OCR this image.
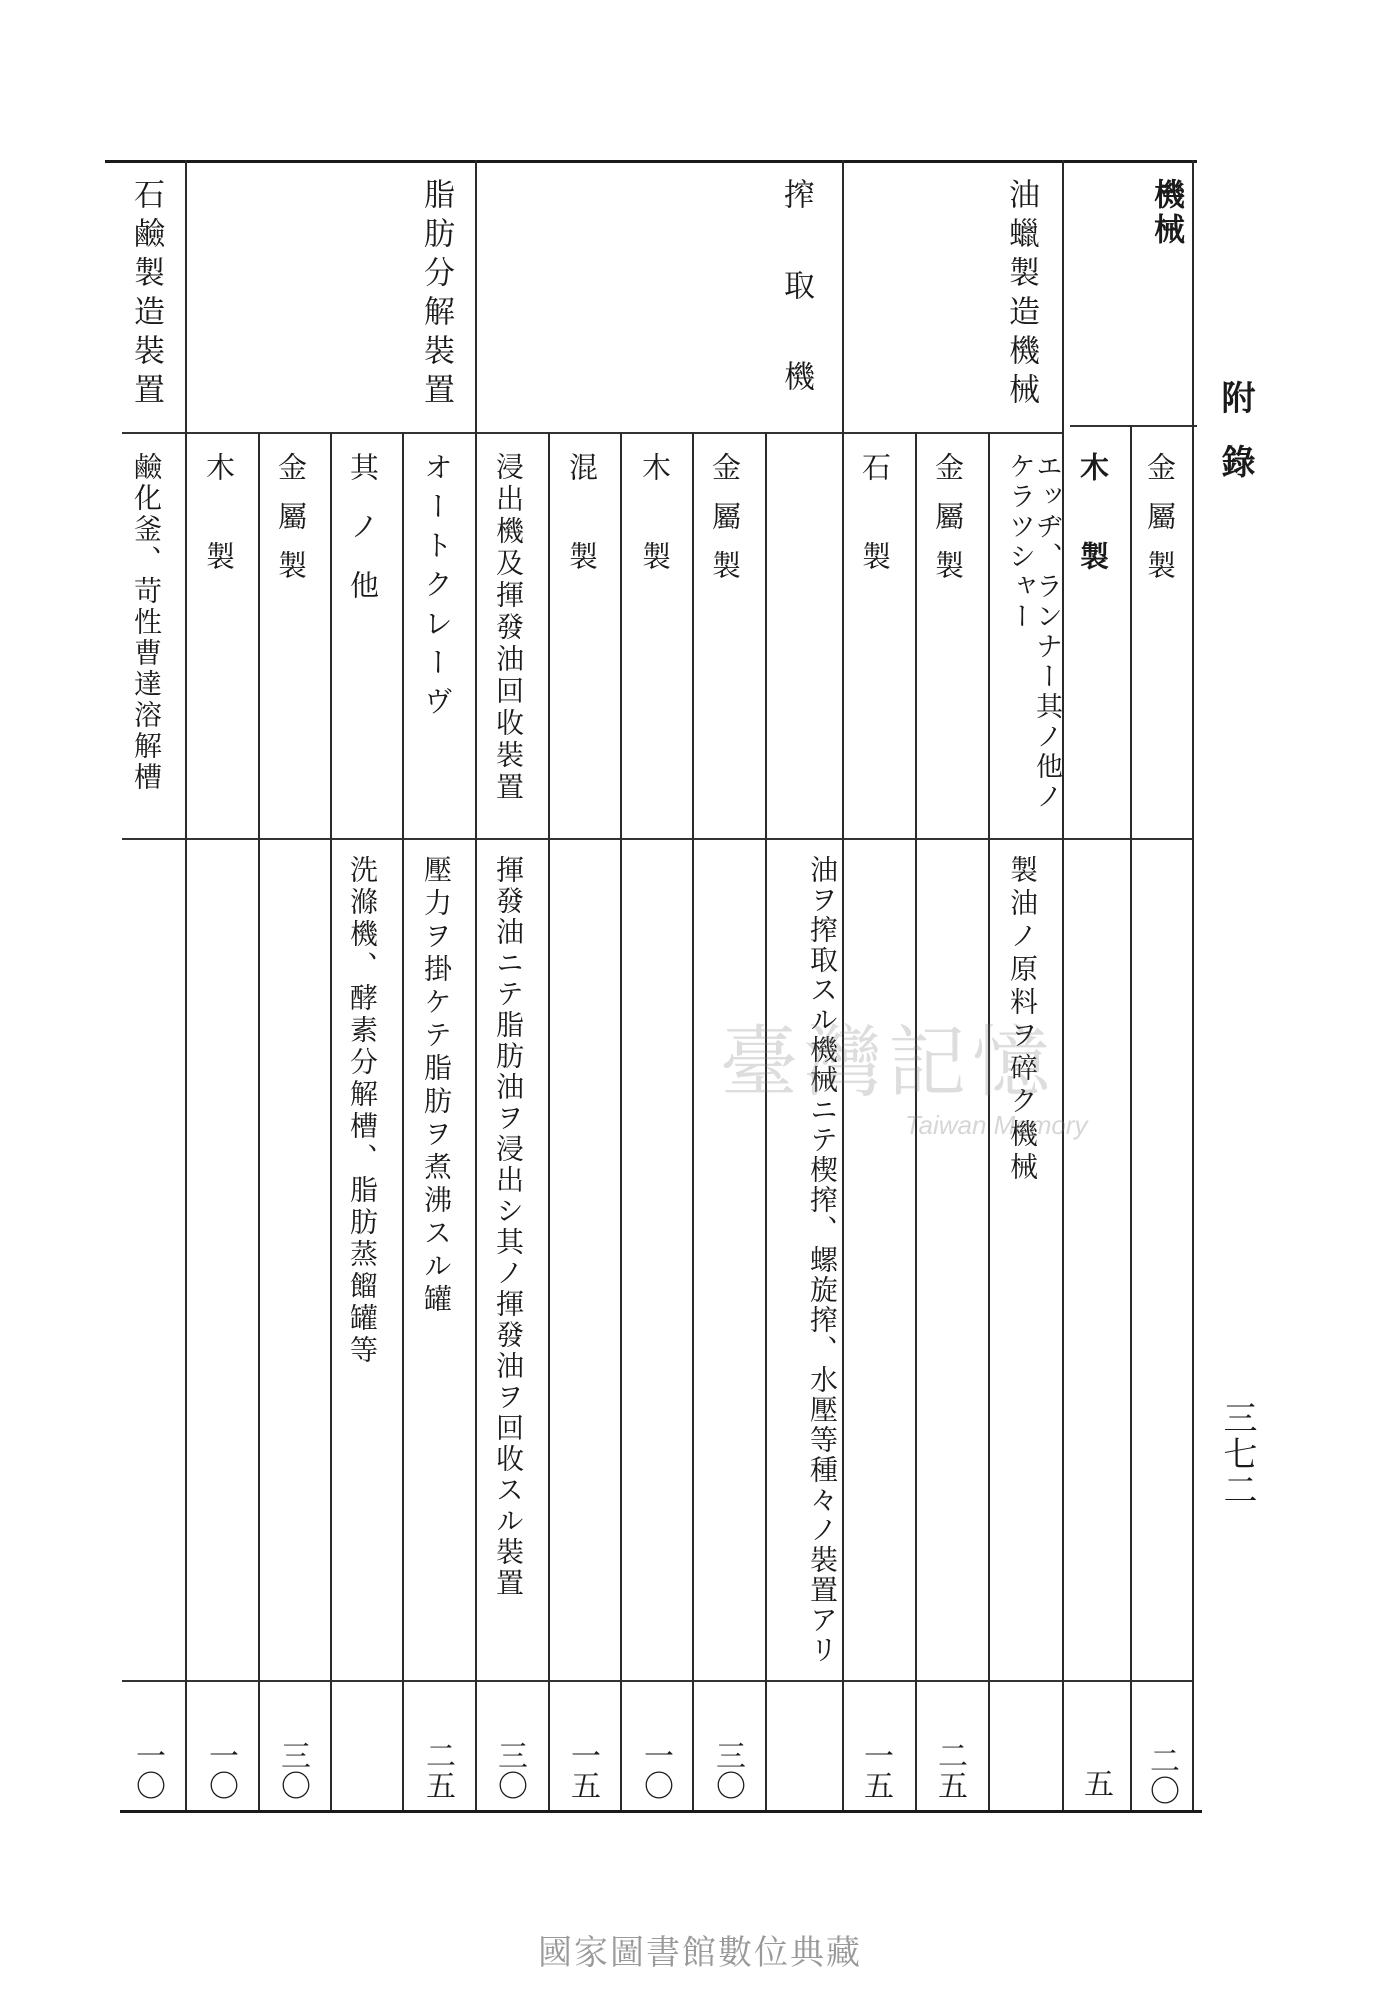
附錄
三七二
機械
金屬製
二〇
木製
五
油蠟製造機械
エッヂ、ランナー其ノ他ノケラツシャー
製油ノ原料ヲ碎ク機械
金屬製
二五
石製
一五
搾取機
油ヲ搾取スル機械ニテ楔搾、螺旋搾、水壓等種々ノ裝置アリ
金屬製
三〇
木製
一〇
混製
一五
浸出機及揮發油回收裝置
揮發油ニテ脂肪油ヲ浸出シ其ノ揮發油ヲ回收スル裝置
三〇
脂肪分解裝置
オートクレーヴ
壓力ヲ掛ケテ脂肪ヲ煮沸スル罐
二五
其ノ他
洗滌機、酵素分解槽、脂肪蒸餾罐等
金屬製
三〇
木製
一〇
石鹼製造裝置
鹼化釜、苛性曹達溶解槽
一〇
臺灣記憶
Taiwan Memory
國家圖書館數位典藏
